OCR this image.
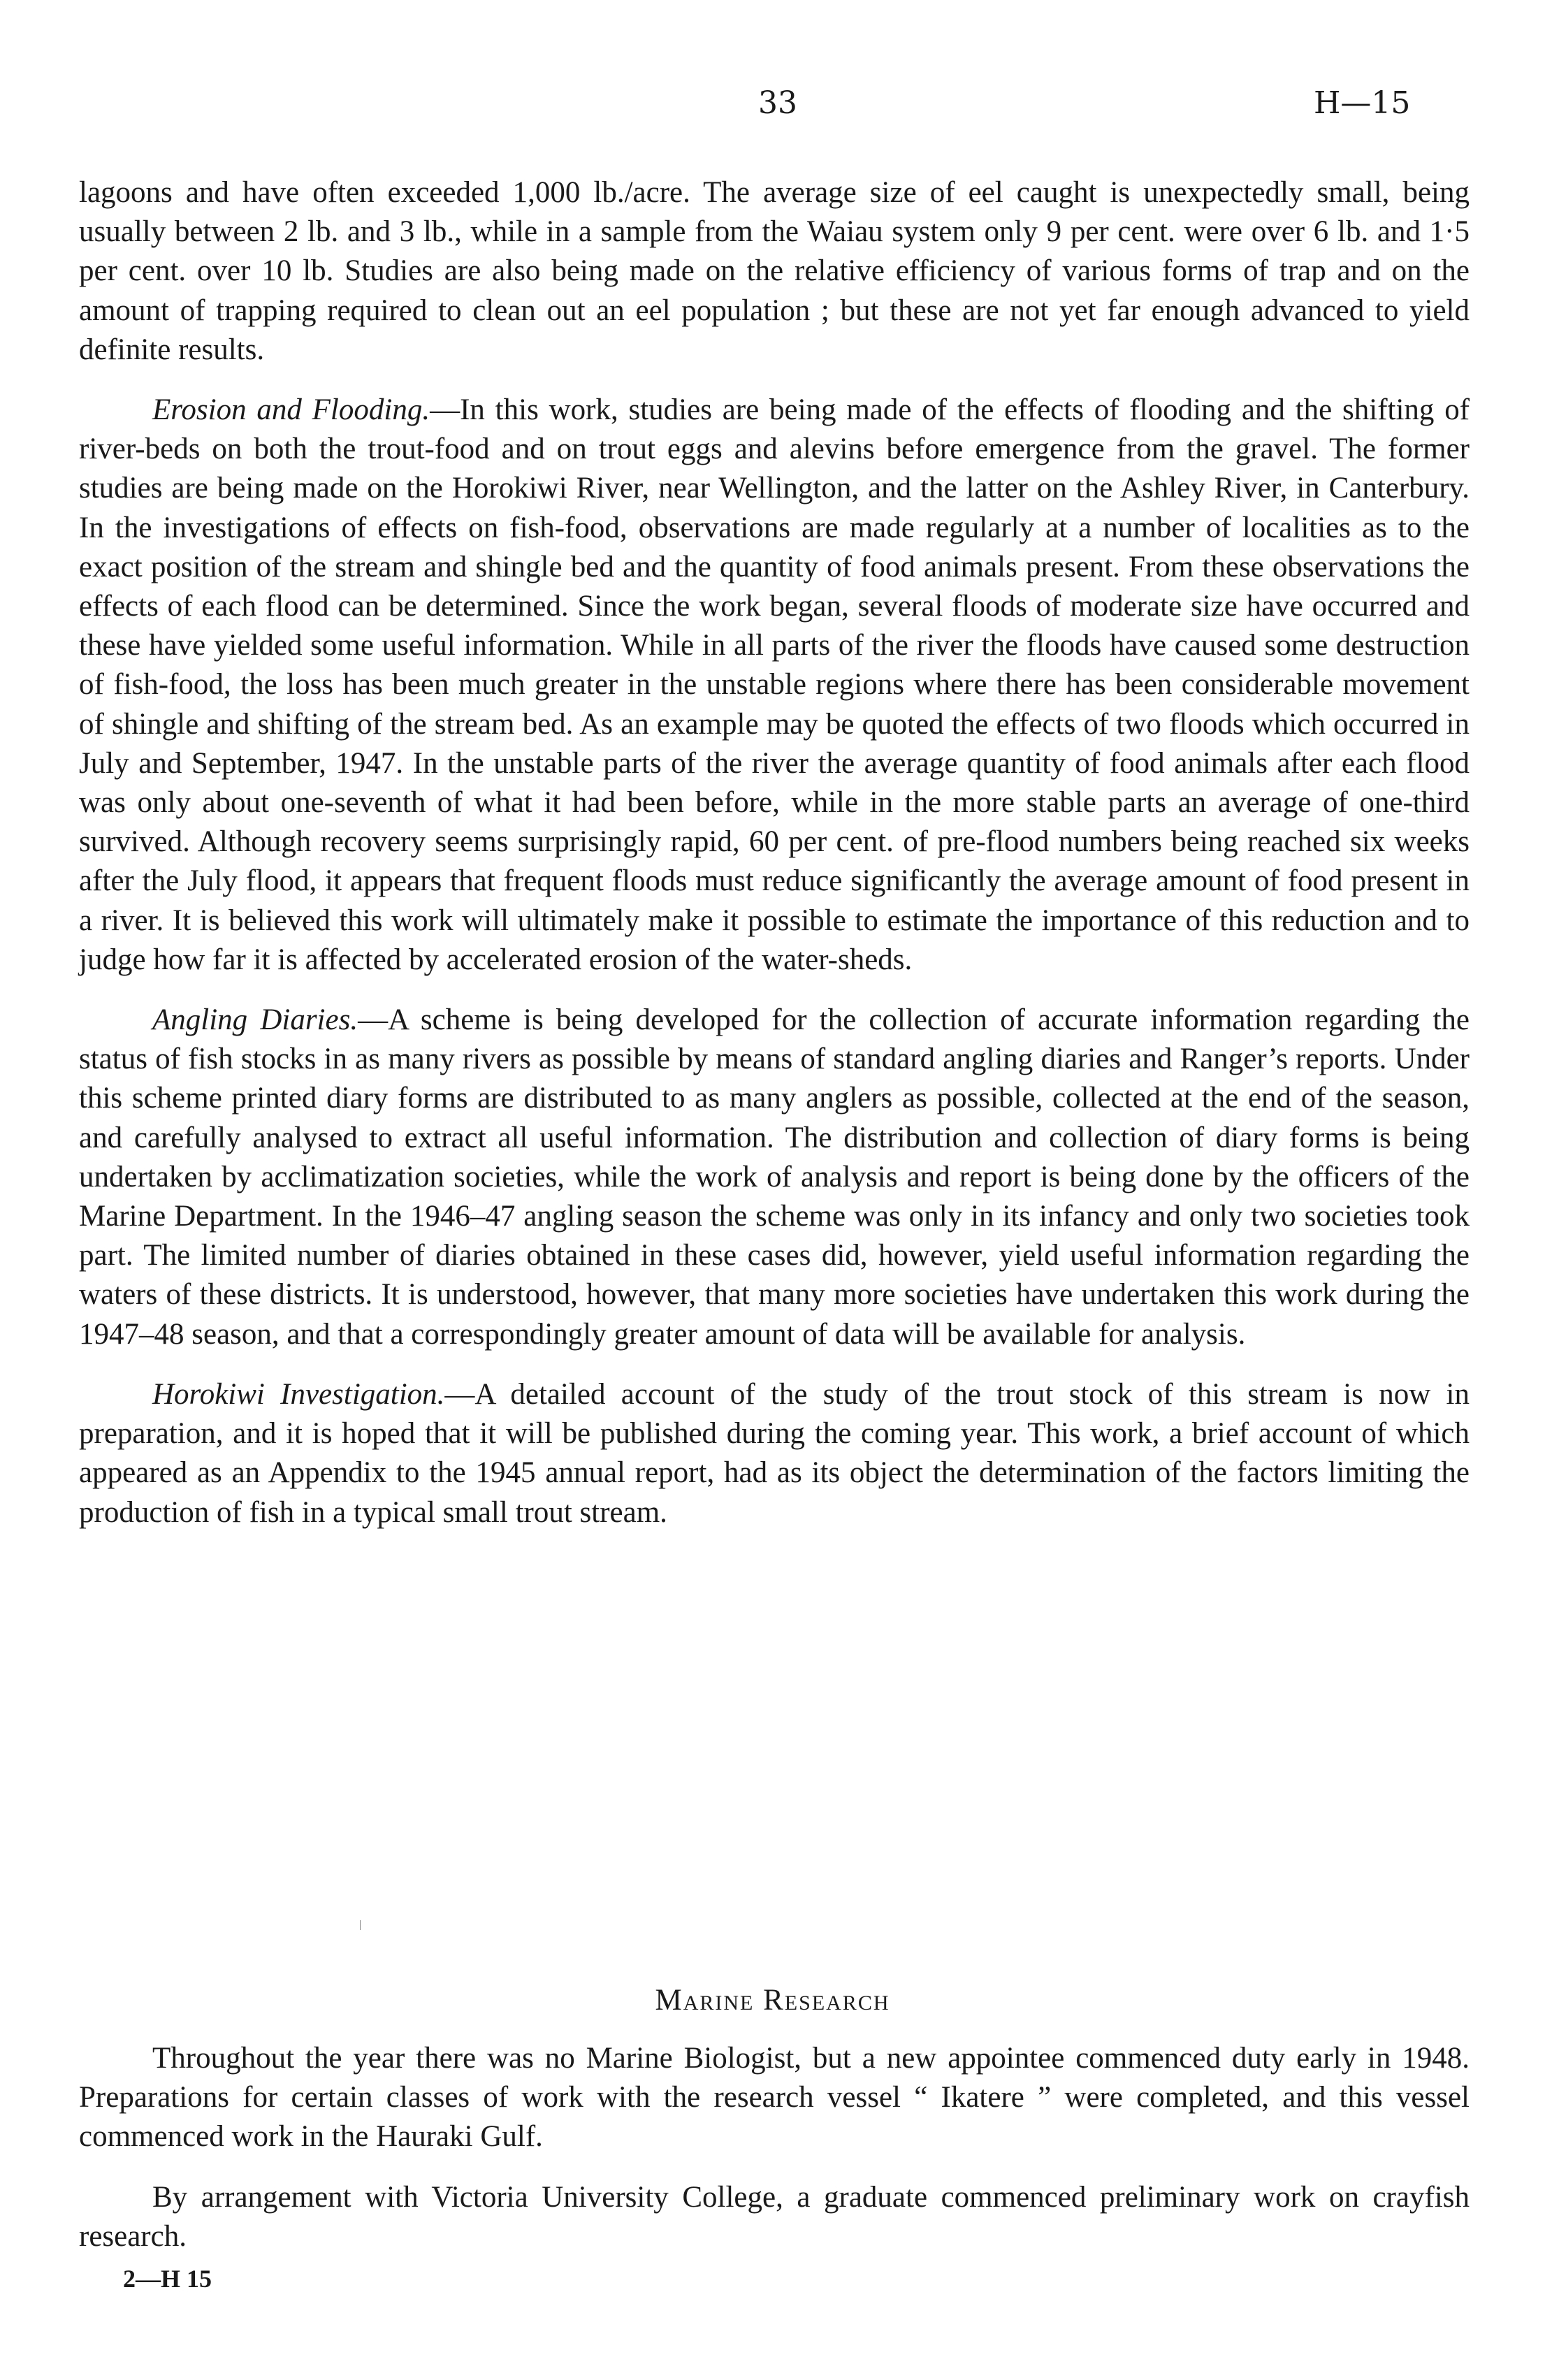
33	H—15

lagoons and have often exceeded 1,000 lb./acre. The average size of eel caught is unexpectedly small, being usually between 2 lb. and 3 lb., while in a sample from the Waiau system only 9 per cent. were over 6 lb. and 1·5 per cent. over 10 lb. Studies are also being made on the relative efficiency of various forms of trap and on the amount of trapping required to clean out an eel population ; but these are not yet far enough advanced to yield definite results.

Erosion and Flooding.—In this work, studies are being made of the effects of flooding and the shifting of river-beds on both the trout-food and on trout eggs and alevins before emergence from the gravel. The former studies are being made on the Horokiwi River, near Wellington, and the latter on the Ashley River, in Canterbury. In the investigations of effects on fish-food, observations are made regularly at a number of localities as to the exact position of the stream and shingle bed and the quantity of food animals present. From these observations the effects of each flood can be determined. Since the work began, several floods of moderate size have occurred and these have yielded some useful information. While in all parts of the river the floods have caused some destruction of fish-food, the loss has been much greater in the unstable regions where there has been considerable movement of shingle and shifting of the stream bed. As an example may be quoted the effects of two floods which occurred in July and September, 1947. In the unstable parts of the river the average quantity of food animals after each flood was only about one-seventh of what it had been before, while in the more stable parts an average of one-third survived. Although recovery seems surprisingly rapid, 60 per cent. of pre-flood numbers being reached six weeks after the July flood, it appears that frequent floods must reduce significantly the average amount of food present in a river. It is believed this work will ultimately make it possible to estimate the importance of this reduction and to judge how far it is affected by accelerated erosion of the water-sheds.

Angling Diaries.—A scheme is being developed for the collection of accurate information regarding the status of fish stocks in as many rivers as possible by means of standard angling diaries and Ranger’s reports. Under this scheme printed diary forms are distributed to as many anglers as possible, collected at the end of the season, and carefully analysed to extract all useful information. The distribution and collection of diary forms is being undertaken by acclimatization societies, while the work of analysis and report is being done by the officers of the Marine Department. In the 1946–47 angling season the scheme was only in its infancy and only two societies took part. The limited number of diaries obtained in these cases did, however, yield useful information regarding the waters of these districts. It is understood, however, that many more societies have undertaken this work during the 1947–48 season, and that a correspondingly greater amount of data will be available for analysis.

Horokiwi Investigation.—A detailed account of the study of the trout stock of this stream is now in preparation, and it is hoped that it will be published during the coming year. This work, a brief account of which appeared as an Appendix to the 1945 annual report, had as its object the determination of the factors limiting the production of fish in a typical small trout stream.

Marine Research

Throughout the year there was no Marine Biologist, but a new appointee commenced duty early in 1948. Preparations for certain classes of work with the research vessel “ Ikatere ” were completed, and this vessel commenced work in the Hauraki Gulf.

By arrangement with Victoria University College, a graduate commenced preliminary work on crayfish research.

2—H 15
